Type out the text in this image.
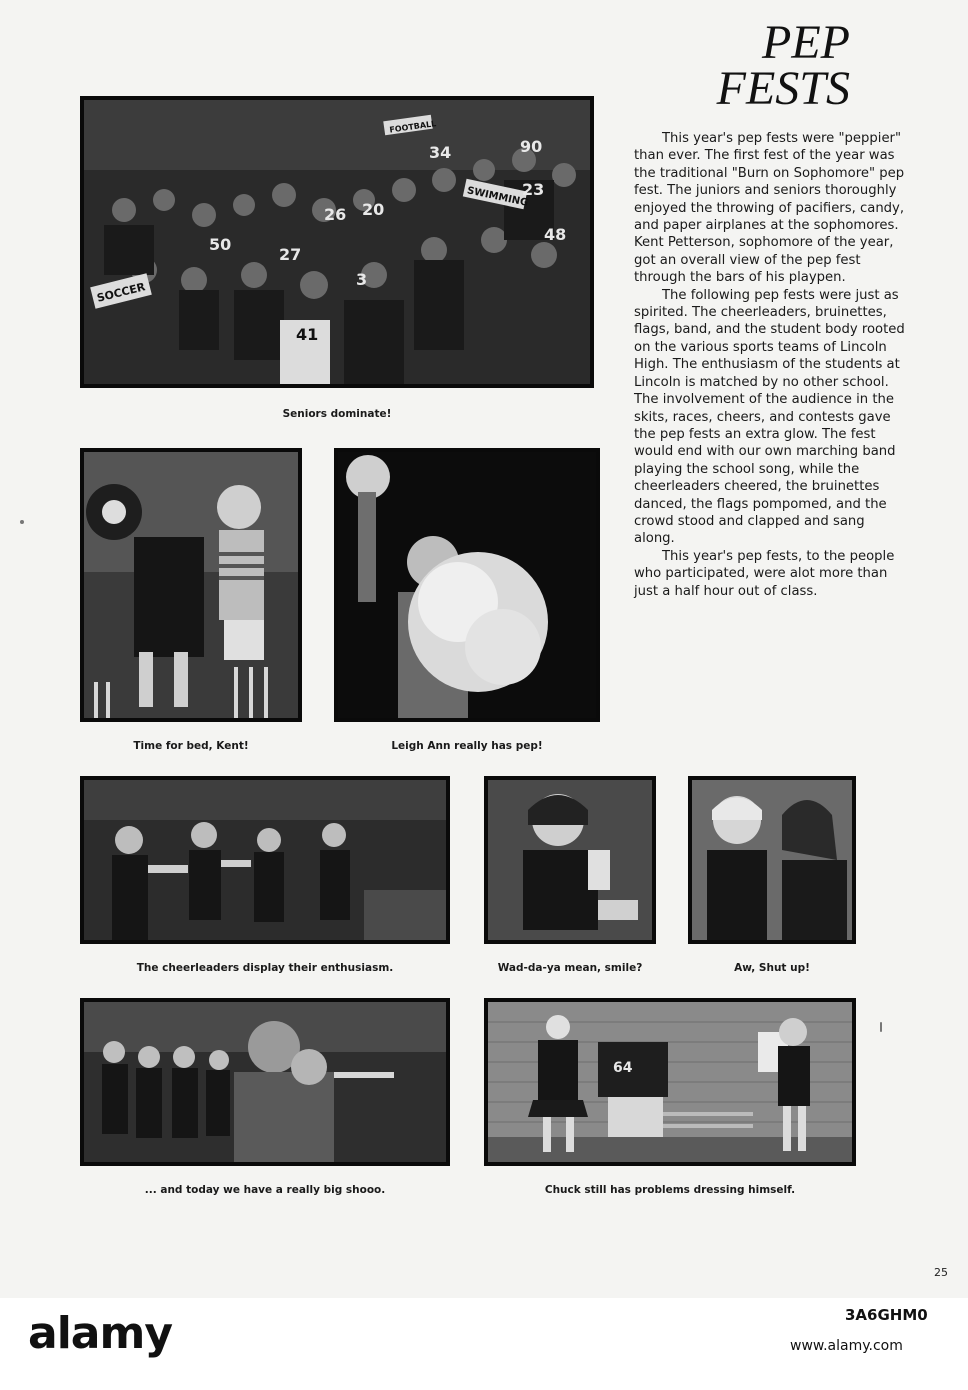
PEP
FESTS

This year's pep fests were "peppier" than ever. The first fest of the year was the traditional "Burn on Sophomore" pep fest. The juniors and seniors thoroughly enjoyed the throwing of pacifiers, candy, and paper airplanes at the sophomores. Kent Petterson, sophomore of the year, got an overall view of the pep fest through the bars of his playpen.

The following pep fests were just as spirited. The cheerleaders, bruinettes, flags, band, and the student body rooted on the various sports teams of Lincoln High. The enthusiasm of the students at Lincoln is matched by no other school. The involvement of the audience in the skits, races, cheers, and contests gave the pep fests an extra glow. The fest would end with our own marching band playing the school song, while the cheerleaders cheered, the bruinettes danced, the flags pompomed, and the crowd stood and clapped and sang along.

This year's pep fests, to the people who participated, were alot more than just a half hour out of class.

FOOTBALL
SWIMMING
SOCCER
34	90
23
20
26
27
50
48
41
3
Seniors dominate!
Time for bed, Kent!	Leigh Ann really has pep!
The cheerleaders display their enthusiasm.	Wad-da-ya mean, smile?	Aw, Shut up!
... and today we have a really big shooo.
64
Chuck still has problems dressing himself.
25
alamy	3A6GHM0
www.alamy.com
